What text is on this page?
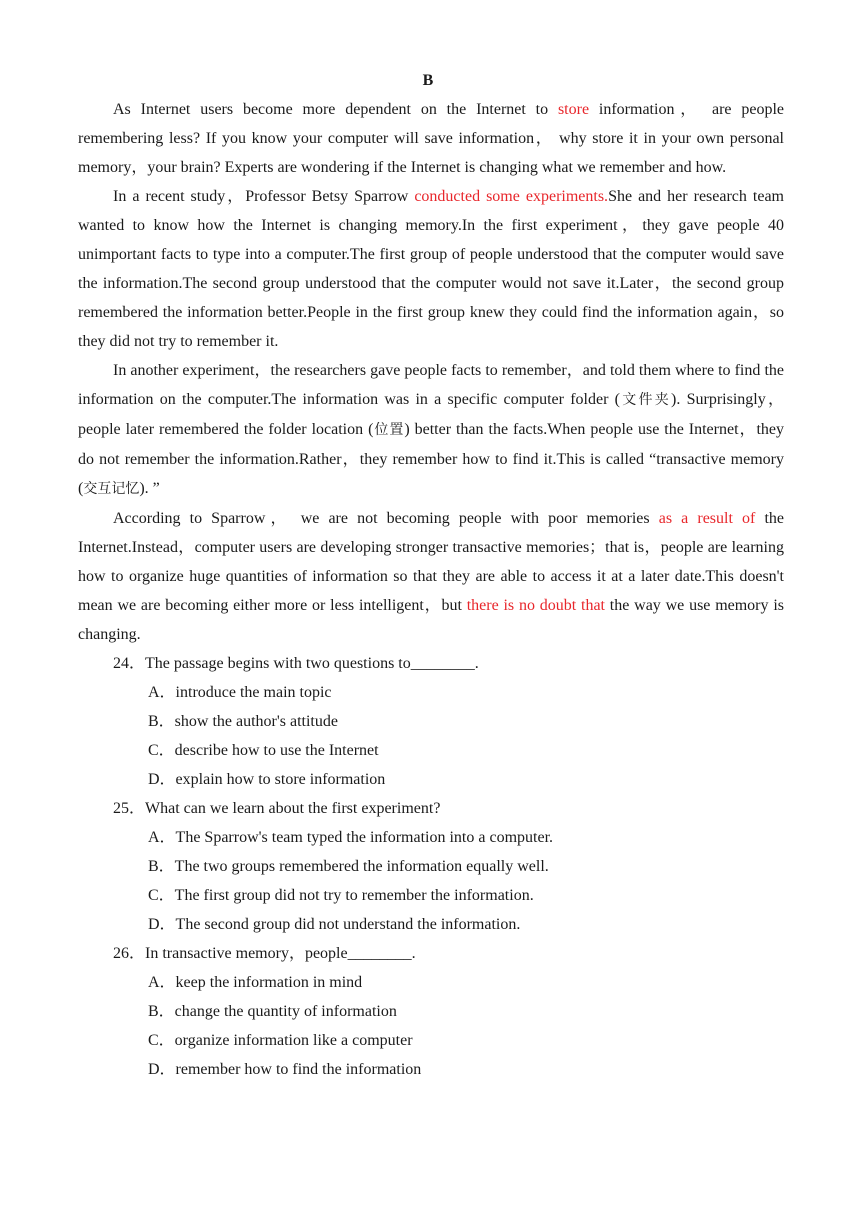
B

As Internet users become more dependent on the Internet to store information， are people remembering less? If you know your computer will save information， why store it in your own personal memory，your brain? Experts are wondering if the Internet is changing what we remember and how.

In a recent study，Professor Betsy Sparrow conducted some experiments.She and her research team wanted to know how the Internet is changing memory.In the first experiment，they gave people 40 unimportant facts to type into a computer.The first group of people understood that the computer would save the information.The second group understood that the computer would not save it.Later，the second group remembered the information better.People in the first group knew they could find the information again，so they did not try to remember it.

In another experiment，the researchers gave people facts to remember，and told them where to find the information on the computer.The information was in a specific computer folder (文件夹). Surprisingly，people later remembered the folder location (位置) better than the facts.When people use the Internet，they do not remember the information.Rather，they remember how to find it.This is called “transactive memory (交互记忆). ”

According to Sparrow， we are not becoming people with poor memories as a result of the Internet.Instead，computer users are developing stronger transactive memories；that is，people are learning how to organize huge quantities of information so that they are able to access it at a later date.This doesn't mean we are becoming either more or less intelligent，but there is no doubt that the way we use memory is changing.

24．The passage begins with two questions to________.

A．introduce the main topic

B．show the author's attitude

C．describe how to use the Internet

D．explain how to store information

25．What can we learn about the first experiment?

A．The Sparrow's team typed the information into a computer.

B．The two groups remembered the information equally well.

C．The first group did not try to remember the information.

D．The second group did not understand the information.

26．In transactive memory，people________.

A．keep the information in mind

B．change the quantity of information

C．organize information like a computer

D．remember how to find the information
